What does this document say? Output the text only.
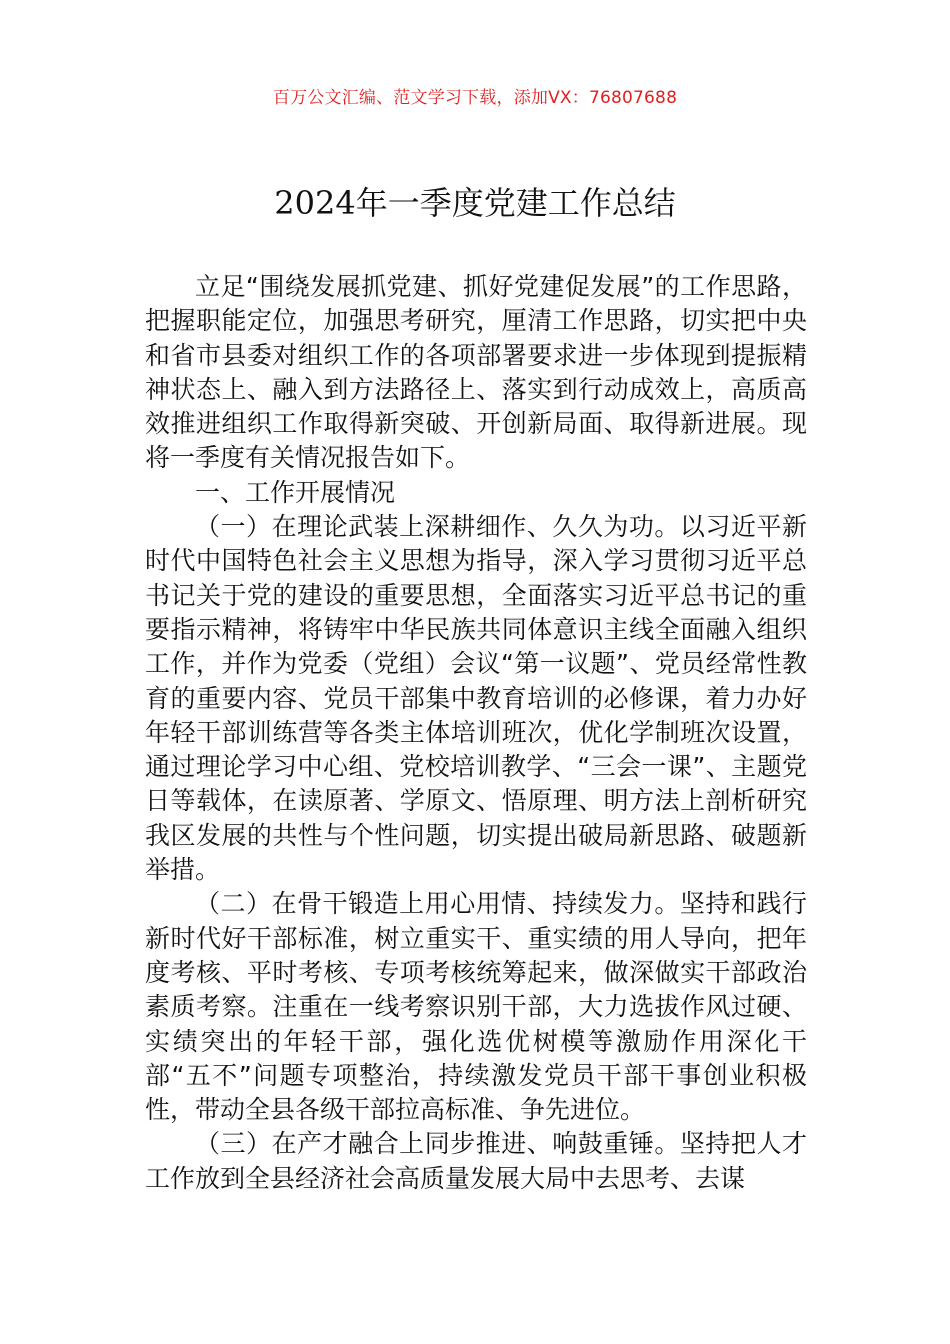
百万公文汇编、范文学习下载，添加VX：76807688
2024年一季度党建工作总结

立足“围绕发展抓党建、抓好党建促发展”的工作思路，把握职能定位，加强思考研究，厘清工作思路，切实把中央和省市县委对组织工作的各项部署要求进一步体现到提振精神状态上、融入到方法路径上、落实到行动成效上，高质高效推进组织工作取得新突破、开创新局面、取得新进展。现将一季度有关情况报告如下。

一、工作开展情况

（一）在理论武装上深耕细作、久久为功。以习近平新时代中国特色社会主义思想为指导，深入学习贯彻习近平总书记关于党的建设的重要思想，全面落实习近平总书记的重要指示精神，将铸牢中华民族共同体意识主线全面融入组织工作，并作为党委（党组）会议“第一议题”、党员经常性教育的重要内容、党员干部集中教育培训的必修课，着力办好年轻干部训练营等各类主体培训班次，优化学制班次设置，通过理论学习中心组、党校培训教学、“三会一课”、主题党日等载体，在读原著、学原文、悟原理、明方法上剖析研究我区发展的共性与个性问题，切实提出破局新思路、破题新举措。

（二）在骨干锻造上用心用情、持续发力。坚持和践行新时代好干部标准，树立重实干、重实绩的用人导向，把年度考核、平时考核、专项考核统筹起来，做深做实干部政治素质考察。注重在一线考察识别干部，大力选拔作风过硬、实绩突出的年轻干部，强化选优树模等激励作用深化干部“五不”问题专项整治，持续激发党员干部干事创业积极性，带动全县各级干部拉高标准、争先进位。

（三）在产才融合上同步推进、响鼓重锤。坚持把人才工作放到全县经济社会高质量发展大局中去思考、去谋
